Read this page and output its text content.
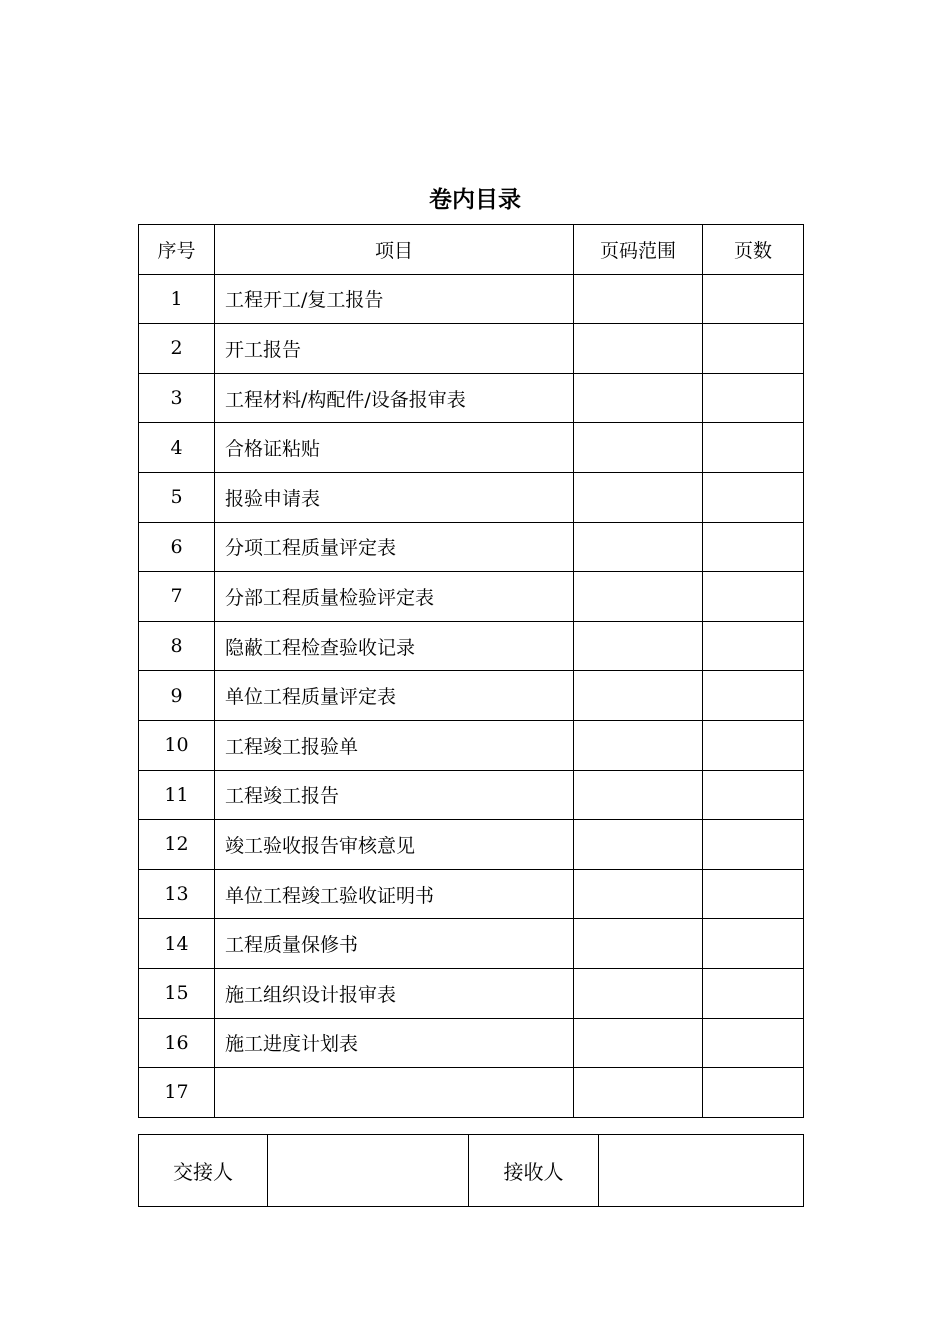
卷内目录
序号	项目	页码范围	页数
1	工程开工/复工报告		
2	开工报告		
3	工程材料/构配件/设备报审表		
4	合格证粘贴		
5	报验申请表		
6	分项工程质量评定表		
7	分部工程质量检验评定表		
8	隐蔽工程检查验收记录		
9	单位工程质量评定表		
10	工程竣工报验单		
11	工程竣工报告		
12	竣工验收报告审核意见		
13	单位工程竣工验收证明书		
14	工程质量保修书		
15	施工组织设计报审表		
16	施工进度计划表		
17			
交接人		接收人	
